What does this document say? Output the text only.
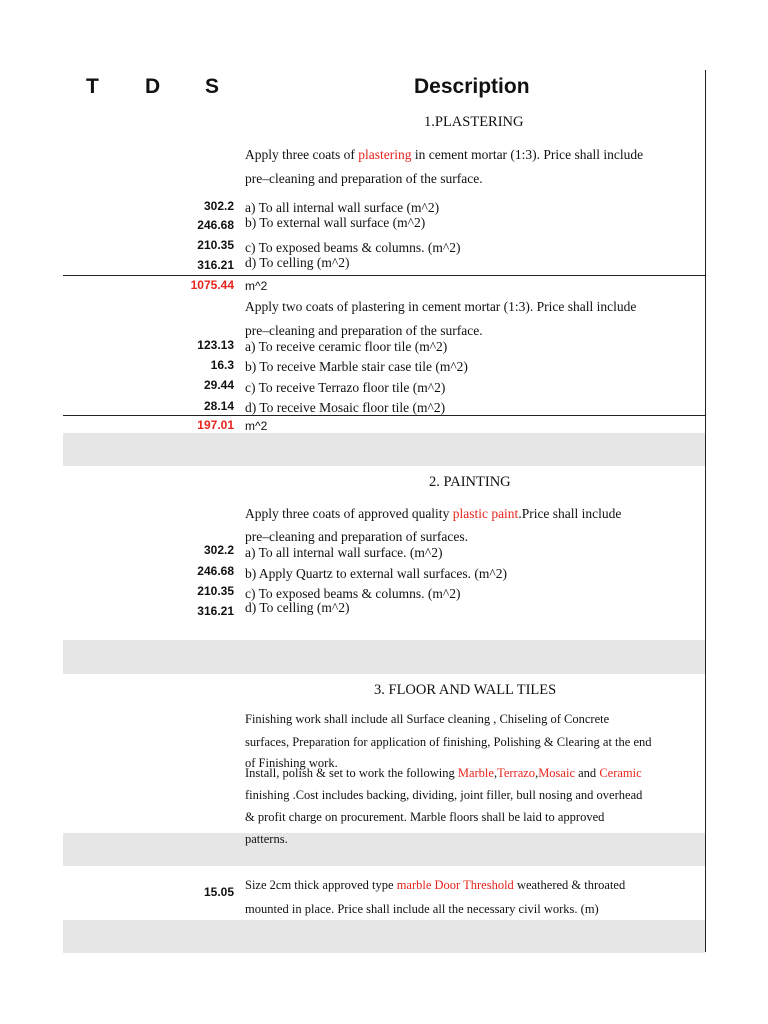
T D S	Description
1.PLASTERING
Apply three coats of plastering in cement mortar (1:3). Price shall include
pre–cleaning and preparation of the surface.
302.2 a) To all internal wall surface (m^2)
246.68 b) To external wall surface (m^2)
210.35 c) To exposed beams & columns. (m^2)
316.21 d) To celling (m^2)
1075.44 m^2
Apply two coats of plastering in cement mortar (1:3). Price shall include
pre–cleaning and preparation of the surface.
123.13 a) To receive ceramic floor tile (m^2)
16.3 b) To receive Marble stair case tile (m^2)
29.44 c) To receive Terrazo floor tile (m^2)
28.14 d) To receive Mosaic floor tile (m^2)
197.01 m^2
2. PAINTING
Apply three coats of approved quality plastic paint.Price shall include
pre–cleaning and preparation of surfaces.
302.2 a) To all internal wall surface. (m^2)
246.68 b) Apply Quartz to external wall surfaces. (m^2)
210.35 c) To exposed beams & columns. (m^2)
316.21 d) To celling (m^2)
3. FLOOR AND WALL TILES
Finishing work shall include all Surface cleaning , Chiseling of Concrete
surfaces, Preparation for application of finishing, Polishing & Clearing at the end
of Finishing work.
Install, polish & set to work the following Marble,Terrazo,Mosaic and Ceramic
finishing .Cost includes backing, dividing, joint filler, bull nosing and overhead
& profit charge on procurement. Marble floors shall be laid to approved
patterns.
15.05 Size 2cm thick approved type marble Door Threshold weathered & throated
mounted in place. Price shall include all the necessary civil works. (m)
